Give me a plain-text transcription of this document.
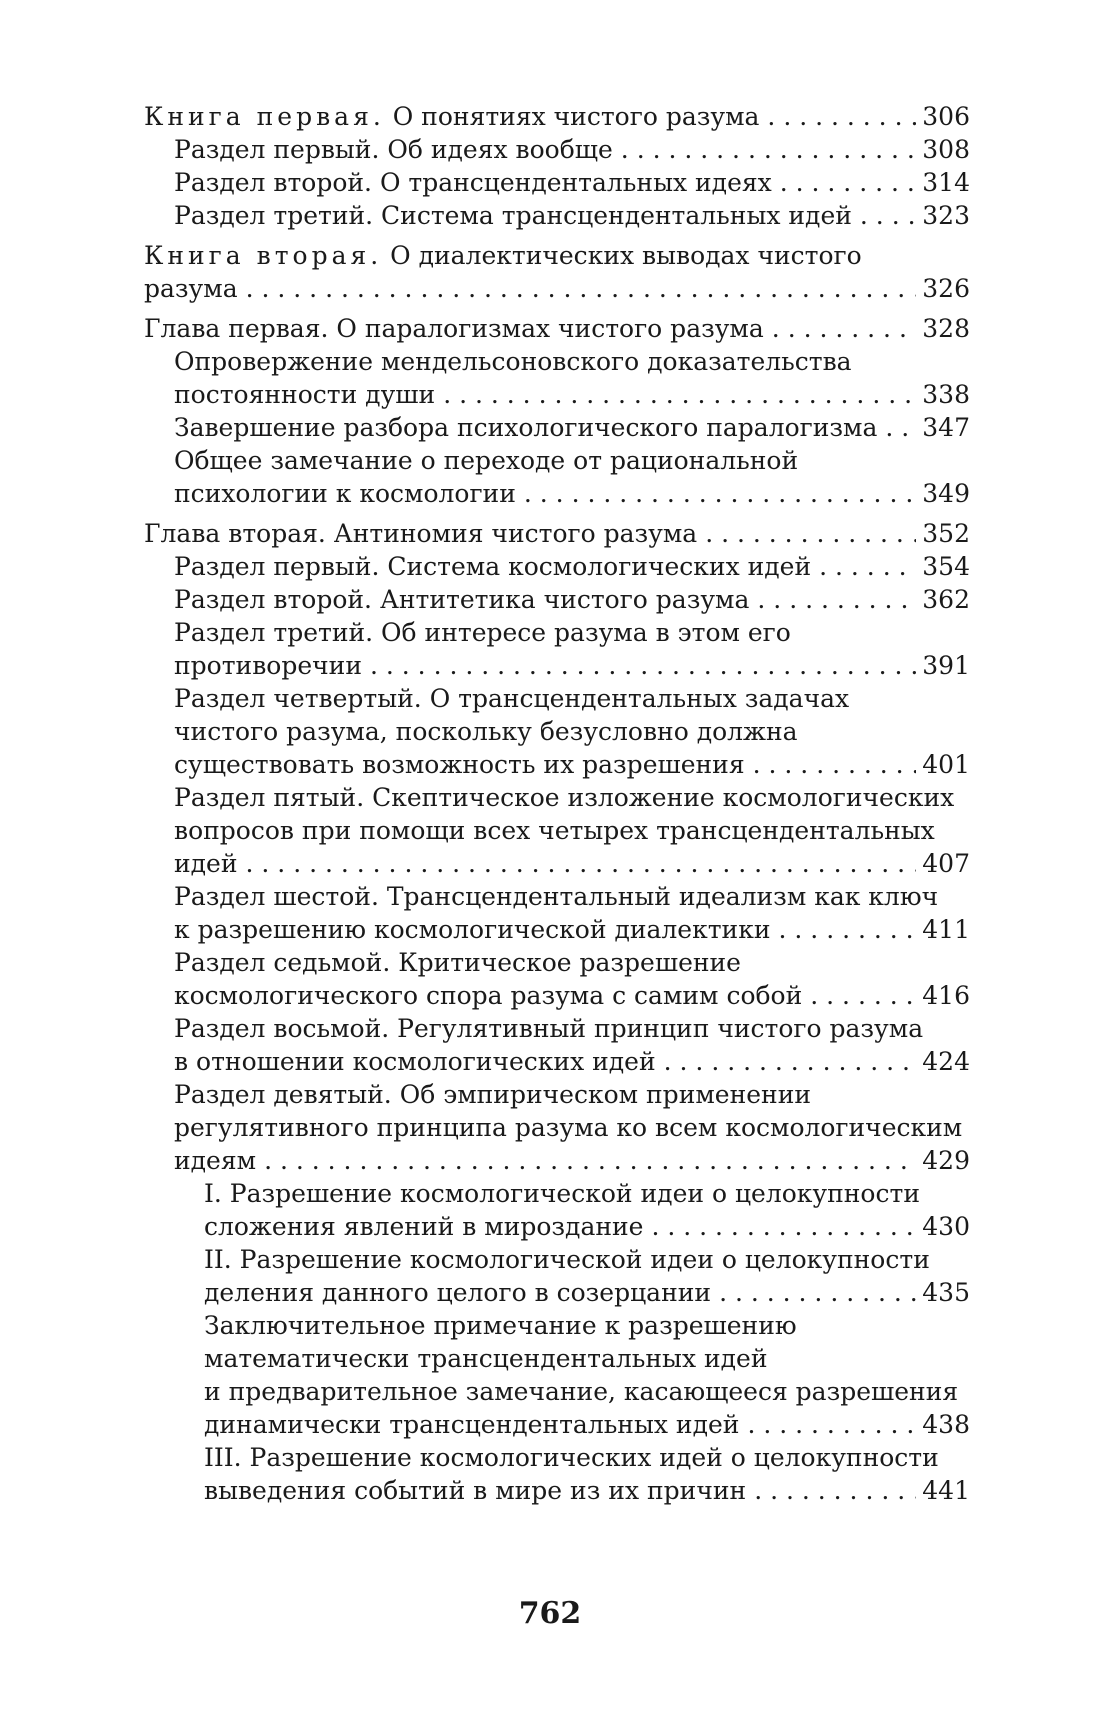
Книга первая. О понятиях чистого разума . . .	306
Раздел первый. Об идеях вообще . . .	308
Раздел второй. О трансцендентальных идеях . . .	314
Раздел третий. Система трансцендентальных идей . . .	323
Книга вторая. О диалектических выводах чистого
разума . . .	326
Глава первая. О паралогизмах чистого разума . . .	328
Опровержение мендельсоновского доказательства
постоянности души . . .	338
Завершение разбора психологического паралогизма . . . 347
Общее замечание о переходе от рациональной
психологии к космологии . . .	349
Глава вторая. Антиномия чистого разума . . .	352
Раздел первый. Система космологических идей . . .	354
Раздел второй. Антитетика чистого разума . . .	362
Раздел третий. Об интересе разума в этом его
противоречии . . .	391
Раздел четвертый. О трансцендентальных задачах
чистого разума, поскольку безусловно должна
существовать возможность их разрешения . . .	401
Раздел пятый. Скептическое изложение космологических
вопросов при помощи всех четырех трансцендентальных
идей . . .	407
Раздел шестой. Трансцендентальный идеализм как ключ
к разрешению космологической диалектики . . .	411
Раздел седьмой. Критическое разрешение
космологического спора разума с самим собой . . .	416
Раздел восьмой. Регулятивный принцип чистого разума
в отношении космологических идей . . .	424
Раздел девятый. Об эмпирическом применении
регулятивного принципа разума ко всем космологическим
идеям . . .	429
I. Разрешение космологической идеи о целокупности
сложения явлений в мироздание . . .	430
II. Разрешение космологической идеи о целокупности
деления данного целого в созерцании . . .	435
Заключительное примечание к разрешению
математически трансцендентальных идей
и предварительное замечание, касающееся разрешения
динамически трансцендентальных идей . . .	438
III. Разрешение космологических идей о целокупности
выведения событий в мире из их причин . . .	441
762
